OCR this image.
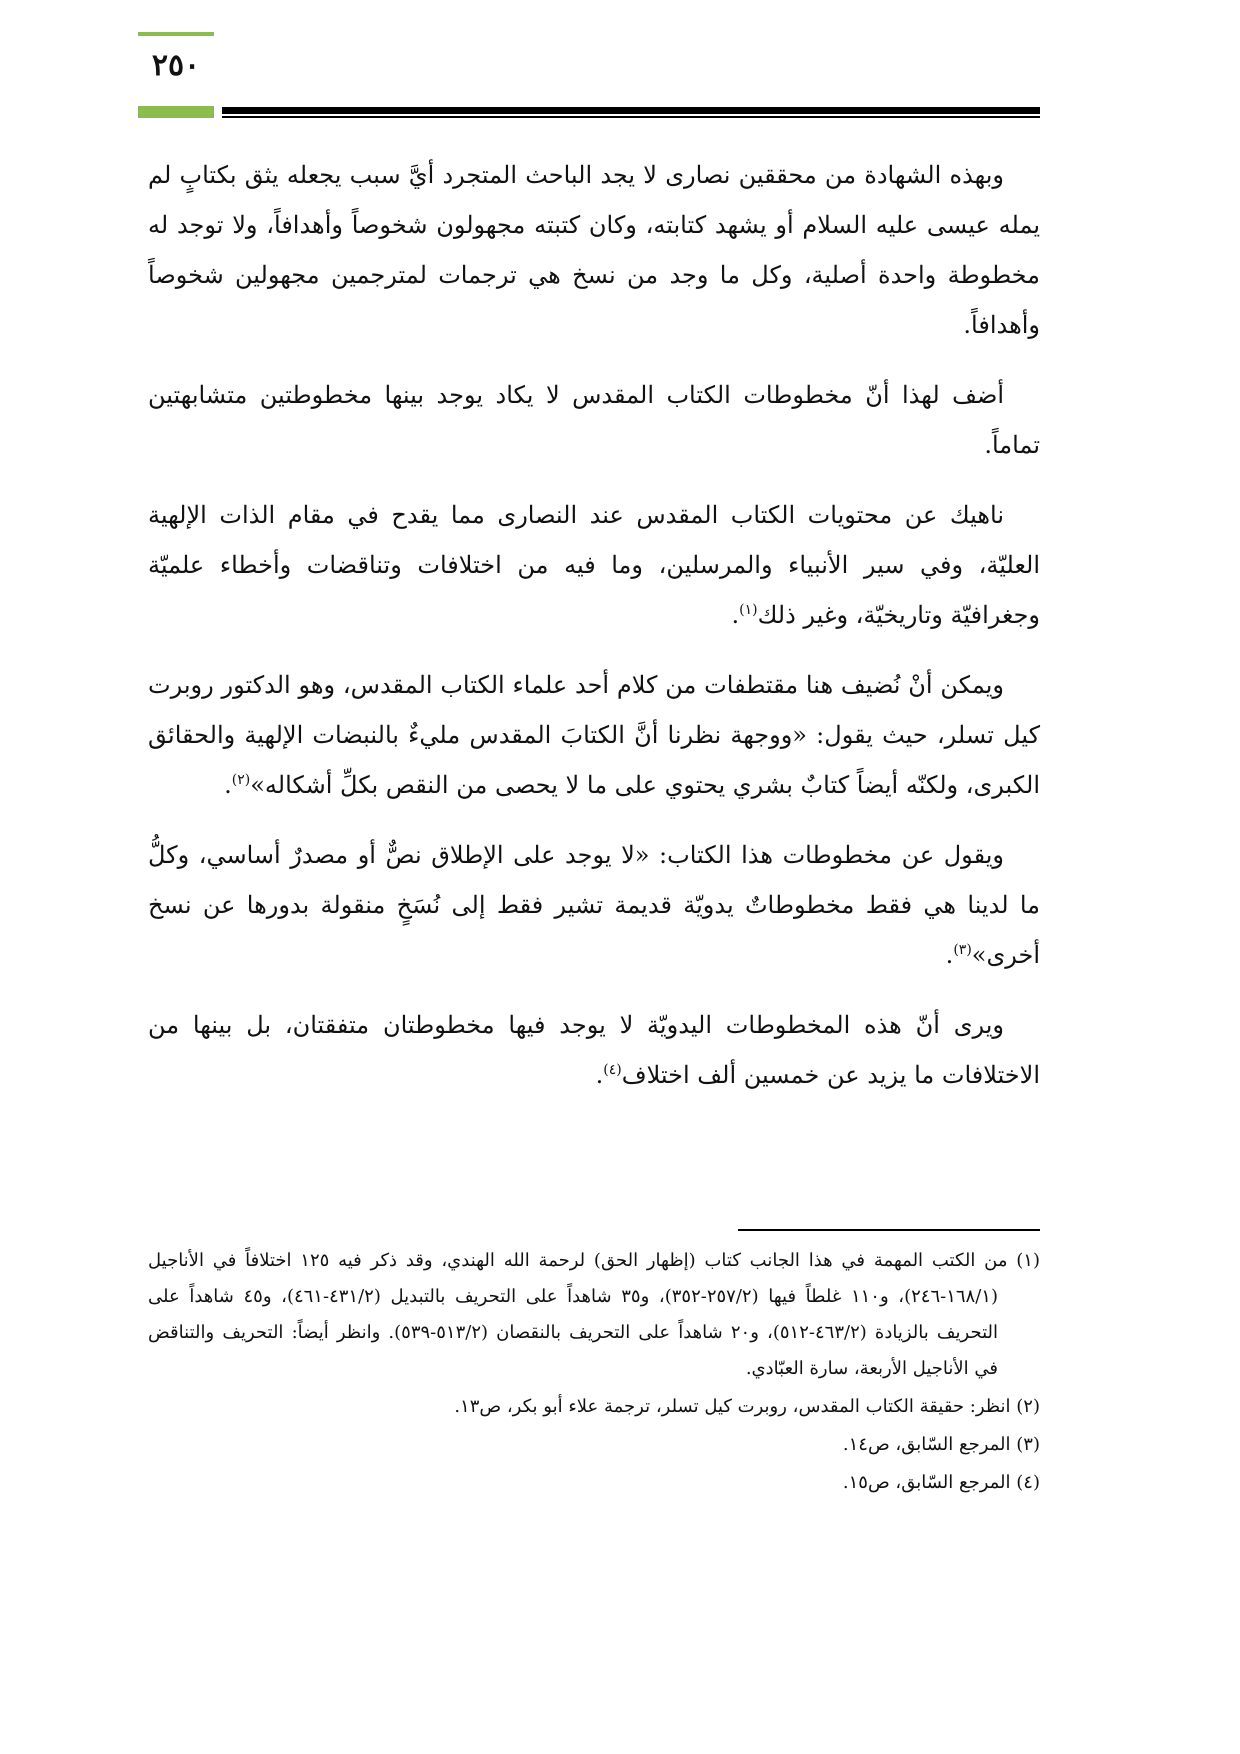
٢٥٠

وبهذه الشهادة من محققين نصارى لا يجد الباحث المتجرد أيَّ سبب يجعله يثق بكتابٍ لم يمله عيسى عليه السلام أو يشهد كتابته، وكان كتبته مجهولون شخوصاً وأهدافاً، ولا توجد له مخطوطة واحدة أصلية، وكل ما وجد من نسخ هي ترجمات لمترجمين مجهولين شخوصاً وأهدافاً.

أضف لهذا أنّ مخطوطات الكتاب المقدس لا يكاد يوجد بينها مخطوطتين متشابهتين تماماً.

ناهيك عن محتويات الكتاب المقدس عند النصارى مما يقدح في مقام الذات الإلهية العليّة، وفي سير الأنبياء والمرسلين، وما فيه من اختلافات وتناقضات وأخطاء علميّة وجغرافيّة وتاريخيّة، وغير ذلك$^{(١)}$.

ويمكن أنْ نُضيف هنا مقتطفات من كلام أحد علماء الكتاب المقدس، وهو الدكتور روبرت كيل تسلر، حيث يقول: «ووجهة نظرنا أنَّ الكتابَ المقدس مليءٌ بالنبضات الإلهية والحقائق الكبرى، ولكنّه أيضاً كتابٌ بشري يحتوي على ما لا يحصى من النقص بكلِّ أشكاله»$^{(٢)}$.

ويقول عن مخطوطات هذا الكتاب: «لا يوجد على الإطلاق نصٌّ أو مصدرٌ أساسي، وكلُّ ما لدينا هي فقط مخطوطاتٌ يدويّة قديمة تشير فقط إلى نُسَخٍ منقولة بدورها عن نسخ أخرى»$^{(٣)}$.

ويرى أنّ هذه المخطوطات اليدويّة لا يوجد فيها مخطوطتان متفقتان، بل بينها من الاختلافات ما يزيد عن خمسين ألف اختلاف$^{(٤)}$.

(١) من الكتب المهمة في هذا الجانب كتاب (إظهار الحق) لرحمة الله الهندي، وقد ذكر فيه ١٢٥ اختلافاً في الأناجيل (١٦٨/١-٢٤٦)، و١١٠ غلطاً فيها (٢٥٧/٢-٣٥٢)، و٣٥ شاهداً على التحريف بالتبديل (٤٣١/٢-٤٦١)، و٤٥ شاهداً على التحريف بالزيادة (٤٦٣/٢-٥١٢)، و٢٠ شاهداً على التحريف بالنقصان (٥١٣/٢-٥٣٩). وانظر أيضاً: التحريف والتناقض في الأناجيل الأربعة، سارة العبّادي.

(٢) انظر: حقيقة الكتاب المقدس، روبرت كيل تسلر، ترجمة علاء أبو بكر، ص١٣.

(٣) المرجع السّابق، ص١٤.

(٤) المرجع السّابق، ص١٥.
